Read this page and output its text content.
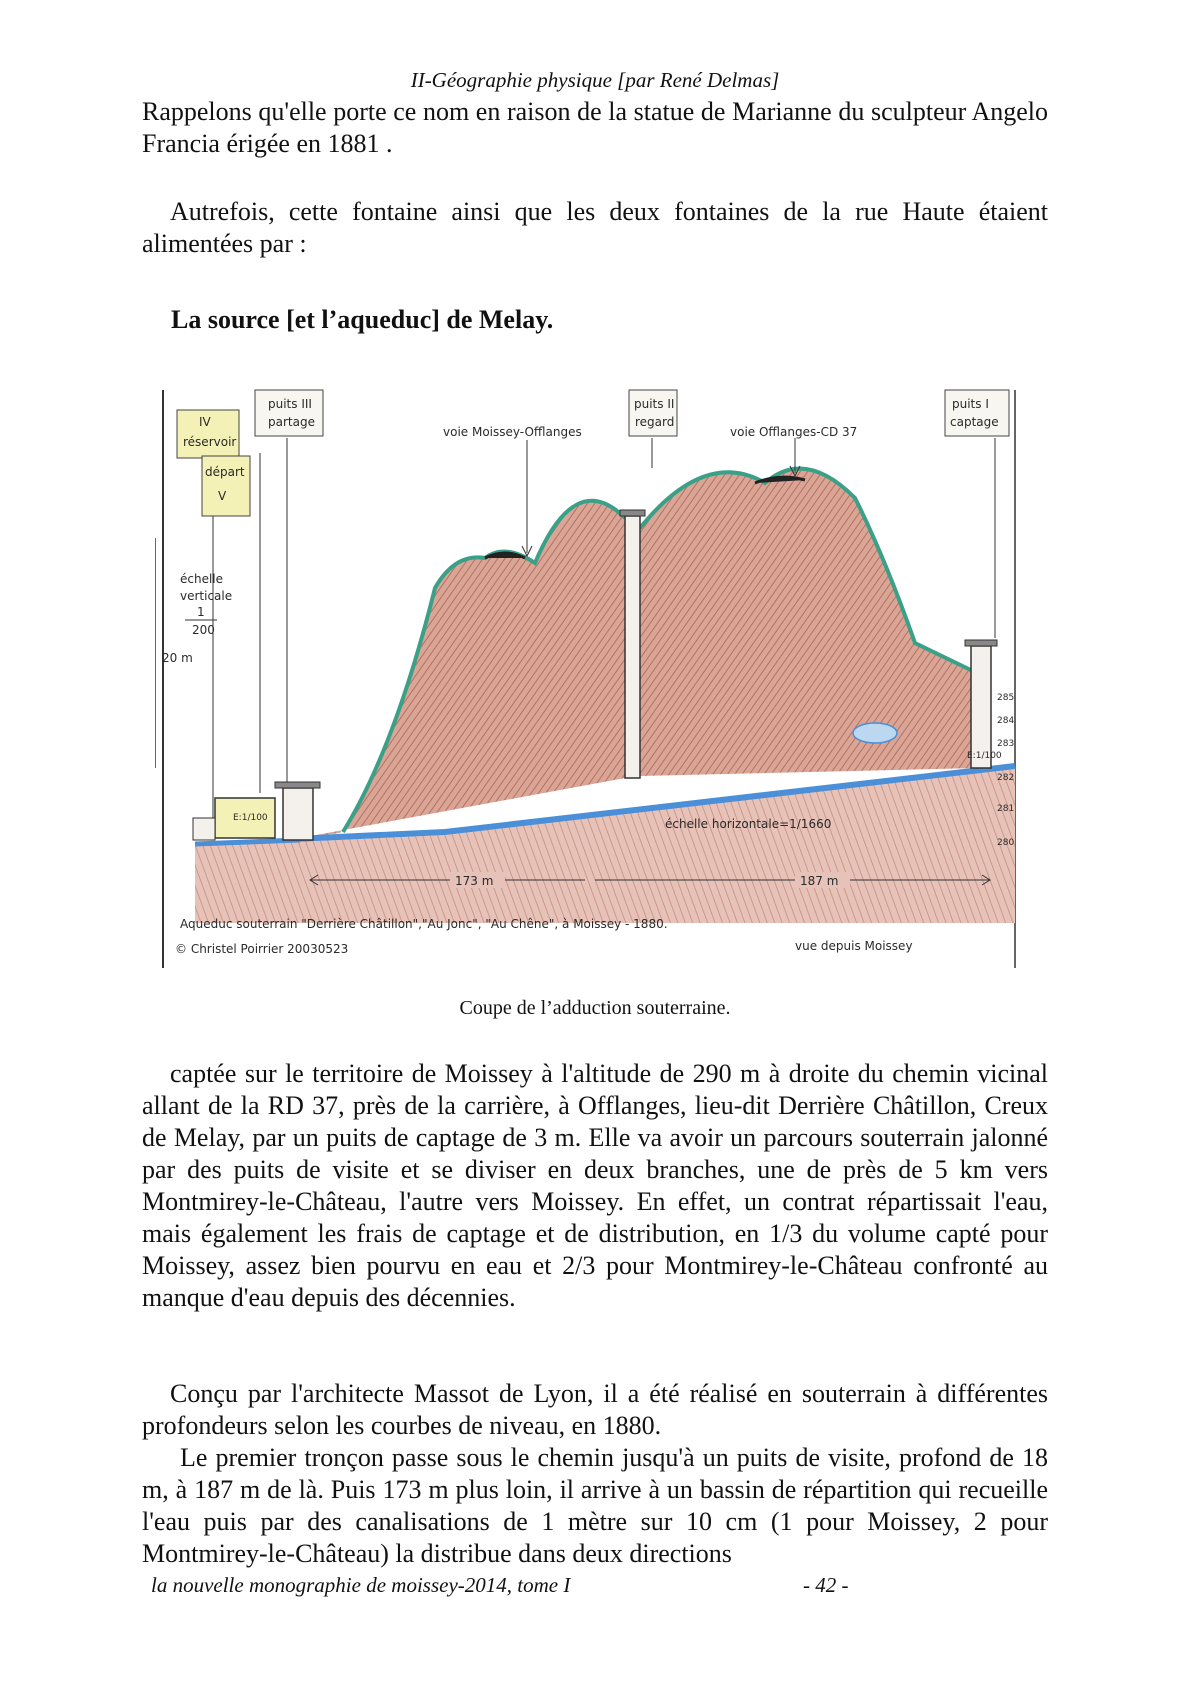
II-Géographie physique [par René Delmas]

Rappelons qu'elle porte ce nom en raison de la statue de Marianne du sculpteur Angelo Francia érigée en 1881 .

Autrefois, cette fontaine ainsi que les deux fontaines de la rue Haute étaient alimentées par :

La source [et l’aqueduc] de Melay.
puits III
partage
IV
réservoir
départ
V
puits II
regard
puits I
captage
voie Moissey-Offlanges	voie Offlanges-CD 37
échelle
verticale
1
200
20 m
E:1/100
E:1/100
échelle horizontale=1/1660
285
284
283
282
281
280
173 m	187 m
Aqueduc souterrain "Derrière Châtillon","Au Jonc", "Au Chêne", à Moissey - 1880.
© Christel Poirrier 20030523	vue depuis Moissey
Coupe de l’adduction souterraine.

captée sur le territoire de Moissey à l'altitude de 290 m à droite du chemin vicinal allant de la RD 37, près de la carrière, à Offlanges, lieu-dit Derrière Châtillon, Creux de Melay, par un puits de captage de 3 m. Elle va avoir un parcours souterrain jalonné par des puits de visite et se diviser en deux branches, une de près de 5 km vers Montmirey-le-Château, l'autre vers Moissey. En effet, un contrat répartissait l'eau, mais également les frais de captage et de distribution, en 1/3 du volume capté pour Moissey, assez bien pourvu en eau et 2/3 pour Montmirey-le-Château confronté au manque d'eau depuis des décennies.

Conçu par l'architecte Massot de Lyon, il a été réalisé en souterrain à différentes profondeurs selon les courbes de niveau, en 1880.

Le premier tronçon passe sous le chemin jusqu'à un puits de visite, profond de 18 m, à 187 m de là. Puis 173 m plus loin, il arrive à un bassin de répartition qui recueille l'eau puis par des canalisations de 1 mètre sur 10 cm (1 pour Moissey, 2 pour Montmirey-le-Château) la distribue dans deux directions

la nouvelle monographie de moissey-2014, tome I	- 42 -
